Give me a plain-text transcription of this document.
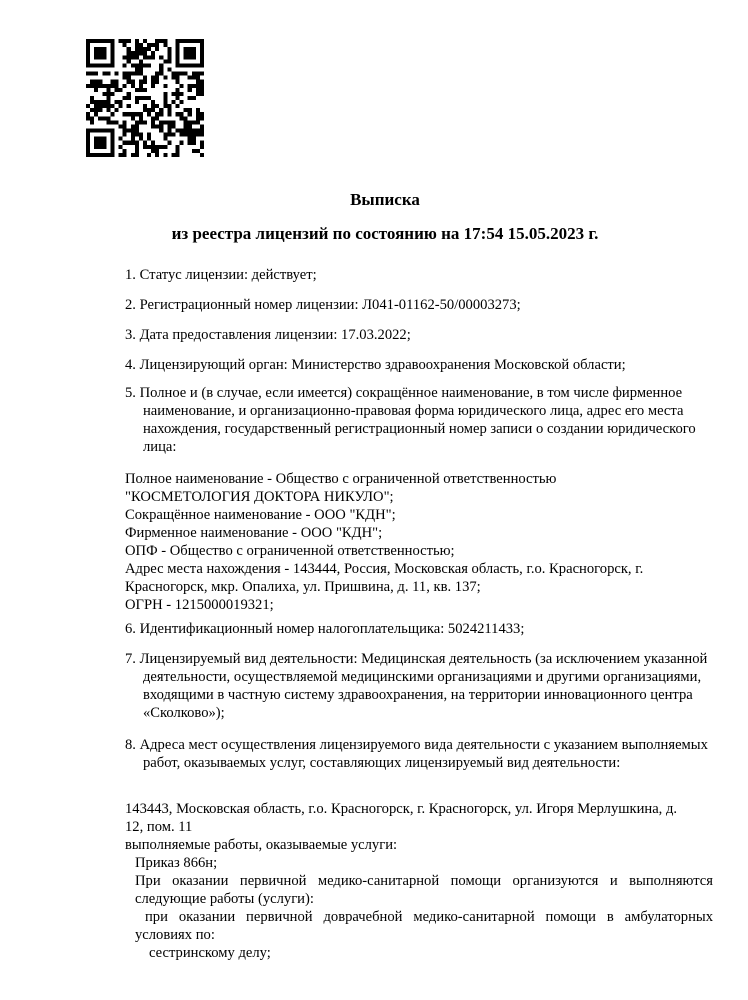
Выписка
из реестра лицензий по состоянию на 17:54 15.05.2023 г.
1. Статус лицензии: действует;
2. Регистрационный номер лицензии: Л041-01162-50/00003273;
3. Дата предоставления лицензии: 17.03.2022;
4. Лицензирующий орган: Министерство здравоохранения Московской области;
5. Полное и (в случае, если имеется) сокращённое наименование, в том числе фирменное наименование, и организационно-правовая форма юридического лица, адрес его места нахождения, государственный регистрационный номер записи о создании юридического лица:
Полное наименование - Общество с ограниченной ответственностью
"КОСМЕТОЛОГИЯ ДОКТОРА НИКУЛО";
Сокращённое наименование - ООО "КДН";
Фирменное наименование - ООО "КДН";
ОПФ - Общество с ограниченной ответственностью;
Адрес места нахождения - 143444, Россия, Московская область, г.о. Красногорск, г.
Красногорск, мкр. Опалиха, ул. Пришвина, д. 11, кв. 137;
ОГРН - 1215000019321;
6. Идентификационный номер налогоплательщика: 5024211433;
7. Лицензируемый вид деятельности: Медицинская деятельность (за исключением указанной деятельности, осуществляемой медицинскими организациями и другими организациями, входящими в частную систему здравоохранения, на территории инновационного центра «Сколково»);
8. Адреса мест осуществления лицензируемого вида деятельности с указанием выполняемых работ, оказываемых услуг, составляющих лицензируемый вид деятельности:
143443, Московская область, г.о. Красногорск, г. Красногорск, ул. Игоря Мерлушкина, д.
12, пом. 11
выполняемые работы, оказываемые услуги:
Приказ 866н;
При оказании первичной медико-санитарной помощи организуются и выполняются следующие работы (услуги):
при оказании первичной доврачебной медико-санитарной помощи в амбулаторных условиях по:
сестринскому делу;
